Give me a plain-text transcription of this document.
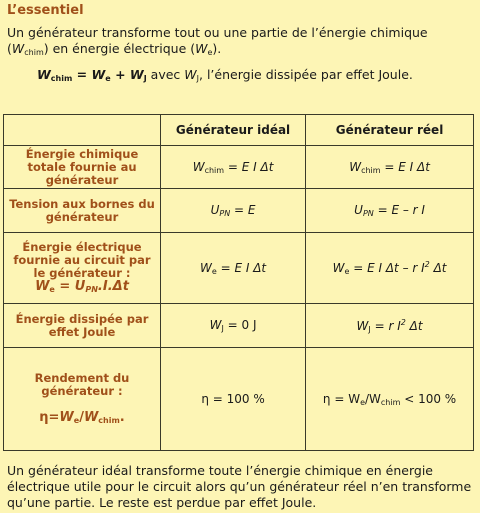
L’essentiel
Un générateur transforme tout ou une partie de l’énergie chimique
$(W_{chim})$ en énergie électrique $(W_e)$.
$W_{chim} = W_e + W_J$ avec $W_J$, l’énergie dissipée par effet Joule.
	Générateur idéal	Générateur réel
Énergie chimique totale fournie au générateur	$W_{chim} = E$ I Δt	$W_{chim} = E$ I Δt
Tension aux bornes du générateur	$U_{PN} = E$	$U_{PN} = E - r$ I
Énergie électrique fournie au circuit par le générateur :
$W_e = U_{PN}.I.\Delta t$	$W_e = E$ I Δt	$W_e = E$ I Δt – r $I^2$ Δt
Énergie dissipée par effet Joule	$W_J = 0$ J	$W_J = r$ $I^2$ Δt
Rendement du générateur :

$\eta=W_e/W_{chim}$.	η = 100 %	$\eta = W_e/W_{chim} < 100$ %
Un générateur idéal transforme toute l’énergie chimique en énergie électrique utile pour le circuit alors qu’un générateur réel n’en transforme qu’une partie. Le reste est perdue par effet Joule.
